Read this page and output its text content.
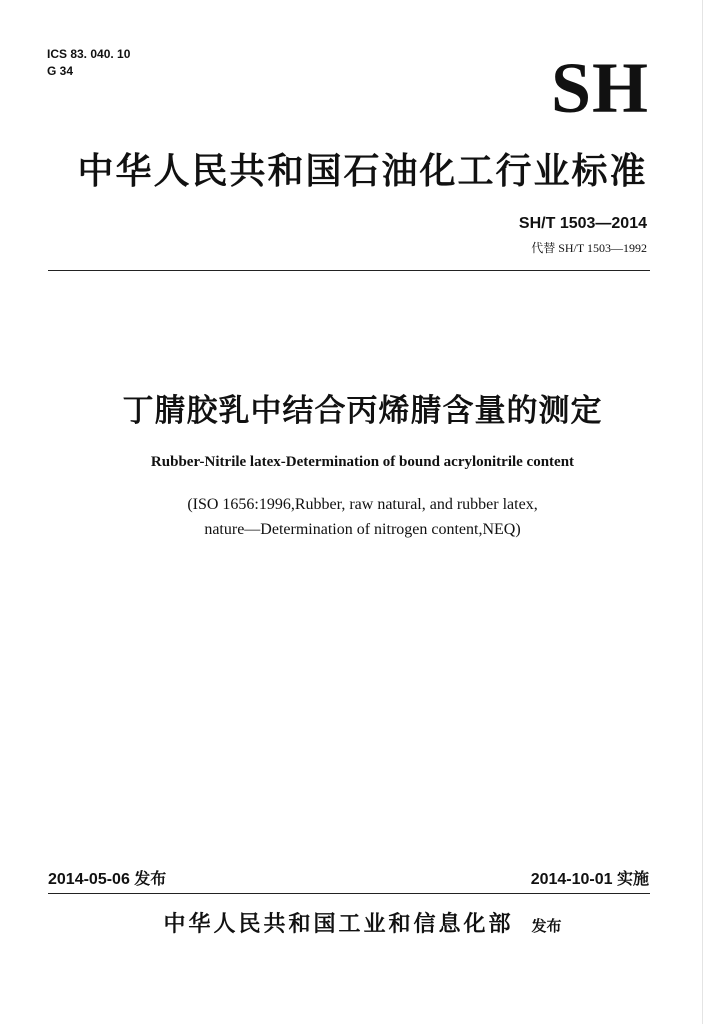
ICS 83. 040. 10
G 34	SH
中华人民共和国石油化工行业标准
SH/T 1503—2014
代替 SH/T 1503—1992
丁腈胶乳中结合丙烯腈含量的测定
Rubber-Nitrile latex-Determination of bound acrylonitrile content
(ISO 1656:1996,Rubber, raw natural, and rubber latex,
nature—Determination of nitrogen content,NEQ)
2014-05-06 发布	2014-10-01 实施
中华人民共和国工业和信息化部 发布
